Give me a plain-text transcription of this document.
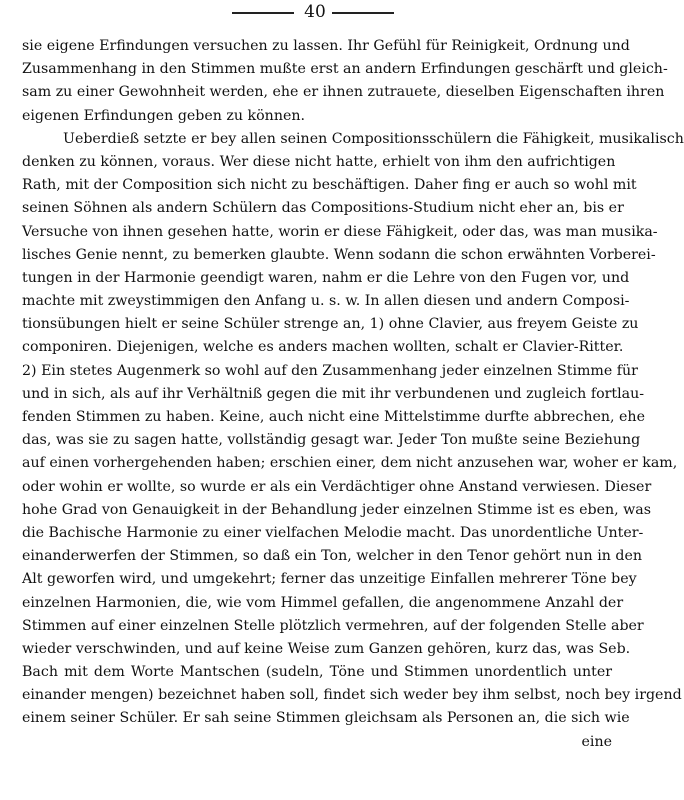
40
sie eigene Erfindungen versuchen zu lassen. Ihr Gefühl für Reinigkeit, Ordnung und
Zusammenhang in den Stimmen mußte erst an andern Erfindungen geschärft und gleich-
sam zu einer Gewohnheit werden, ehe er ihnen zutrauete, dieselben Eigenschaften ihren
eigenen Erfindungen geben zu können.
Ueberdieß setzte er bey allen seinen Compositionsschülern die Fähigkeit, musikalisch
denken zu können, voraus. Wer diese nicht hatte, erhielt von ihm den aufrichtigen
Rath, mit der Composition sich nicht zu beschäftigen. Daher fing er auch so wohl mit
seinen Söhnen als andern Schülern das Compositions-Studium nicht eher an, bis er
Versuche von ihnen gesehen hatte, worin er diese Fähigkeit, oder das, was man musika-
lisches Genie nennt, zu bemerken glaubte. Wenn sodann die schon erwähnten Vorberei-
tungen in der Harmonie geendigt waren, nahm er die Lehre von den Fugen vor, und
machte mit zweystimmigen den Anfang u. s. w. In allen diesen und andern Composi-
tionsübungen hielt er seine Schüler strenge an, 1) ohne Clavier, aus freyem Geiste zu
componiren. Diejenigen, welche es anders machen wollten, schalt er Clavier-Ritter.
2) Ein stetes Augenmerk so wohl auf den Zusammenhang jeder einzelnen Stimme für
und in sich, als auf ihr Verhältniß gegen die mit ihr verbundenen und zugleich fortlau-
fenden Stimmen zu haben. Keine, auch nicht eine Mittelstimme durfte abbrechen, ehe
das, was sie zu sagen hatte, vollständig gesagt war. Jeder Ton mußte seine Beziehung
auf einen vorhergehenden haben; erschien einer, dem nicht anzusehen war, woher er kam,
oder wohin er wollte, so wurde er als ein Verdächtiger ohne Anstand verwiesen. Dieser
hohe Grad von Genauigkeit in der Behandlung jeder einzelnen Stimme ist es eben, was
die Bachische Harmonie zu einer vielfachen Melodie macht. Das unordentliche Unter-
einanderwerfen der Stimmen, so daß ein Ton, welcher in den Tenor gehört nun in den
Alt geworfen wird, und umgekehrt; ferner das unzeitige Einfallen mehrerer Töne bey
einzelnen Harmonien, die, wie vom Himmel gefallen, die angenommene Anzahl der
Stimmen auf einer einzelnen Stelle plötzlich vermehren, auf der folgenden Stelle aber
wieder verschwinden, und auf keine Weise zum Ganzen gehören, kurz das, was Seb.
Bach mit dem Worte Mantschen (sudeln, Töne und Stimmen unordentlich unter
einander mengen) bezeichnet haben soll, findet sich weder bey ihm selbst, noch bey irgend
einem seiner Schüler. Er sah seine Stimmen gleichsam als Personen an, die sich wie
eine
